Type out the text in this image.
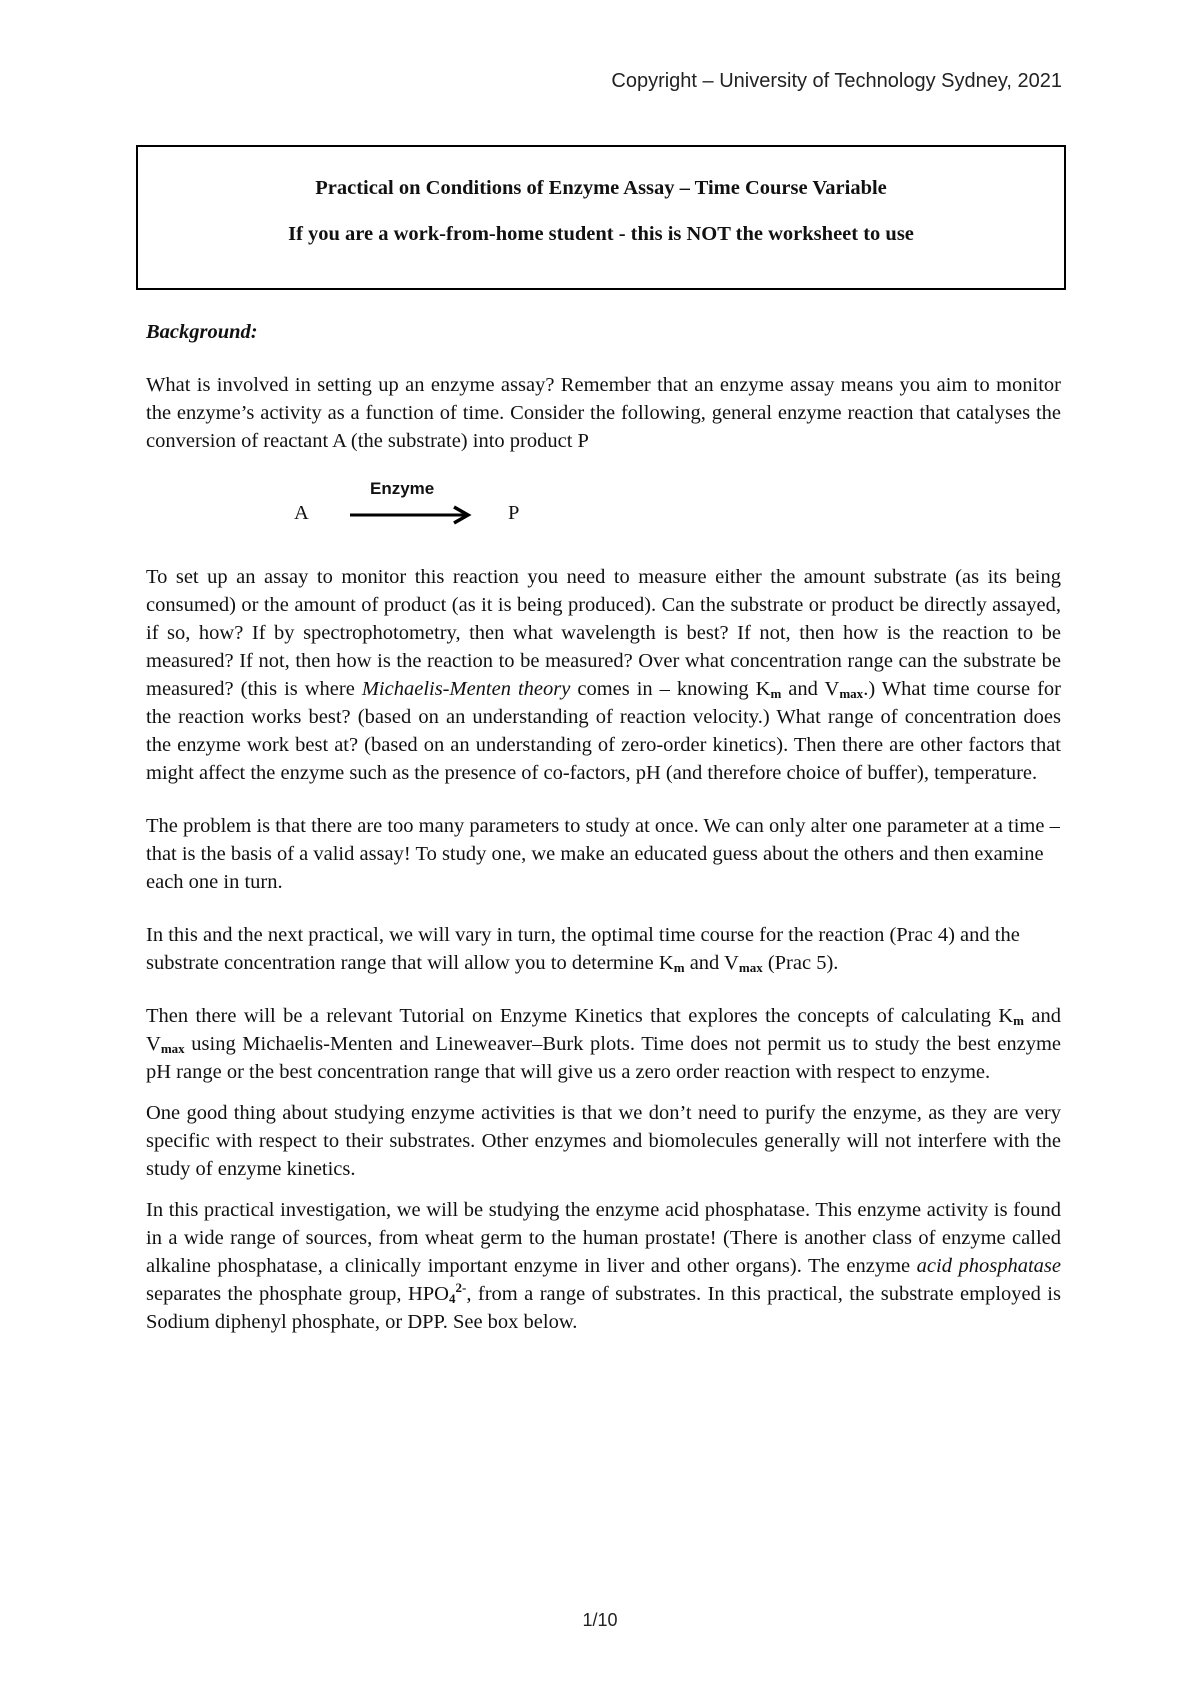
Copyright – University of Technology Sydney, 2021
Practical on Conditions of Enzyme Assay – Time Course Variable
If you are a work-from-home student - this is NOT the worksheet to use
Background:

What is involved in setting up an enzyme assay? Remember that an enzyme assay means you aim to monitor the enzyme’s activity as a function of time. Consider the following, general enzyme reaction that catalyses the conversion of reactant A (the substrate) into product P

A
Enzyme
P

To set up an assay to monitor this reaction you need to measure either the amount substrate (as its being consumed) or the amount of product (as it is being produced). Can the substrate or product be directly assayed, if so, how? If by spectrophotometry, then what wavelength is best? If not, then how is the reaction to be measured? If not, then how is the reaction to be measured? Over what concentration range can the substrate be measured? (this is where Michaelis-Menten theory comes in – knowing $K_m$ and $V_{max}$.) What time course for the reaction works best? (based on an understanding of reaction velocity.) What range of concentration does the enzyme work best at? (based on an understanding of zero-order kinetics). Then there are other factors that might affect the enzyme such as the presence of co-factors, pH (and therefore choice of buffer), temperature.

The problem is that there are too many parameters to study at once. We can only alter one parameter at a time – that is the basis of a valid assay! To study one, we make an educated guess about the others and then examine each one in turn.

In this and the next practical, we will vary in turn, the optimal time course for the reaction (Prac 4) and the substrate concentration range that will allow you to determine $K_m$ and $V_{max}$ (Prac 5).

Then there will be a relevant Tutorial on Enzyme Kinetics that explores the concepts of calculating $K_m$ and $V_{max}$ using Michaelis-Menten and Lineweaver–Burk plots. Time does not permit us to study the best enzyme pH range or the best concentration range that will give us a zero order reaction with respect to enzyme.

One good thing about studying enzyme activities is that we don’t need to purify the enzyme, as they are very specific with respect to their substrates. Other enzymes and biomolecules generally will not interfere with the study of enzyme kinetics.

In this practical investigation, we will be studying the enzyme acid phosphatase. This enzyme activity is found in a wide range of sources, from wheat germ to the human prostate! (There is another class of enzyme called alkaline phosphatase, a clinically important enzyme in liver and other organs). The enzyme acid phosphatase separates the phosphate group, $HPO_4^{2-}$, from a range of substrates. In this practical, the substrate employed is Sodium diphenyl phosphate, or DPP. See box below.

1/10
